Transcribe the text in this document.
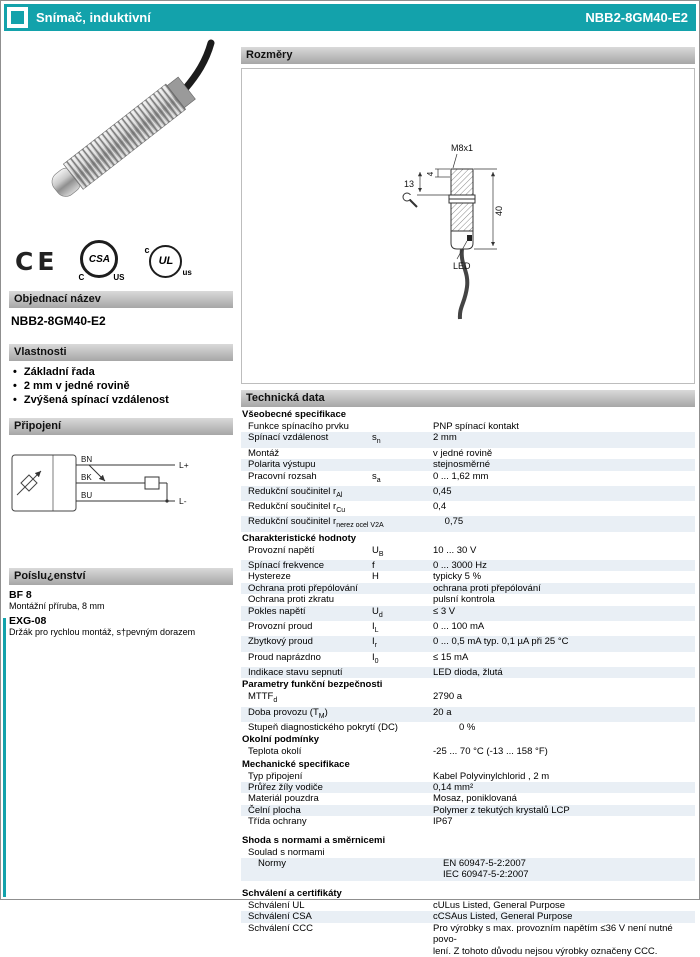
Snímač, induktivní	NBB2-8GM40-E2
CE	CSA
C	US
c
UL
us
Objednací název
NBB2-8GM40-E2
Vlastnosti
• Základní řada
• 2 mm v jedné rovině
• Zvýšená spínací vzdálenost
Připojení
BN
BK
BU
L+
L-
Poíslu¿enství
BF 8
Montážní příruba, 8 mm
EXG-08
Držák pro rychlou montáž, s†pevným dorazem
Rozměry
M8x1
40
4
13
LED
Technická data
Všeobecné specifikace
Funkce spínacího prvku	PNP spínací kontakt
Spínací vzdálenost	$s_n$	2 mm
Montáž	v jedné rovině
Polarita výstupu	stejnosměrné
Pracovní rozsah	$s_a$	0 ... 1,62 mm
Redukční součinitel $r_{Al}$	0,45
Redukční součinitel $r_{Cu}$	0,4
Redukční součinitel $r_{nerez ocel V2A}$	0,75
Charakteristické hodnoty
Provozní napětí	$U_B$	10 ... 30 V
Spínací frekvence	f	0 ... 3000 Hz
Hystereze	H	typicky 5 %
Ochrana proti přepólování	ochrana proti přepólování
Ochrana proti zkratu	pulsní kontrola
Pokles napětí	$U_d$	≤ 3 V
Provozní proud	$I_L$	0 ... 100 mA
Zbytkový proud	$I_r$	0 ... 0,5 mA typ. 0,1 µA při 25 °C
Proud naprázdno	$I_0$	≤ 15 mA
Indikace stavu sepnutí	LED dioda, žlutá
Parametry funkční bezpečnosti
$MTTF_d$	2790 a
Doba provozu $(T_M)$	20 a
Stupeň diagnostického pokrytí (DC)	0 %
Okolní podmínky
Teplota okolí	-25 ... 70 °C (-13 ... 158 °F)
Mechanické specifikace
Typ připojení	Kabel Polyvinylchlorid , 2 m
Průřez žíly vodiče	0,14 mm²
Materiál pouzdra	Mosaz, poniklovaná
Čelní plocha	Polymer z tekutých krystalů LCP
Třída ochrany	IP67
Shoda s normami a směrnicemi
Soulad s normami
Normy	EN 60947-5-2:2007
IEC 60947-5-2:2007
Schválení a certifikáty
Schválení UL	cULus Listed, General Purpose
Schválení CSA	cCSAus Listed, General Purpose
Schválení CCC	Pro výrobky s max. provozním napětím ≤36 V není nutné povo-
lení. Z tohoto důvodu nejsou výrobky označeny CCC.
